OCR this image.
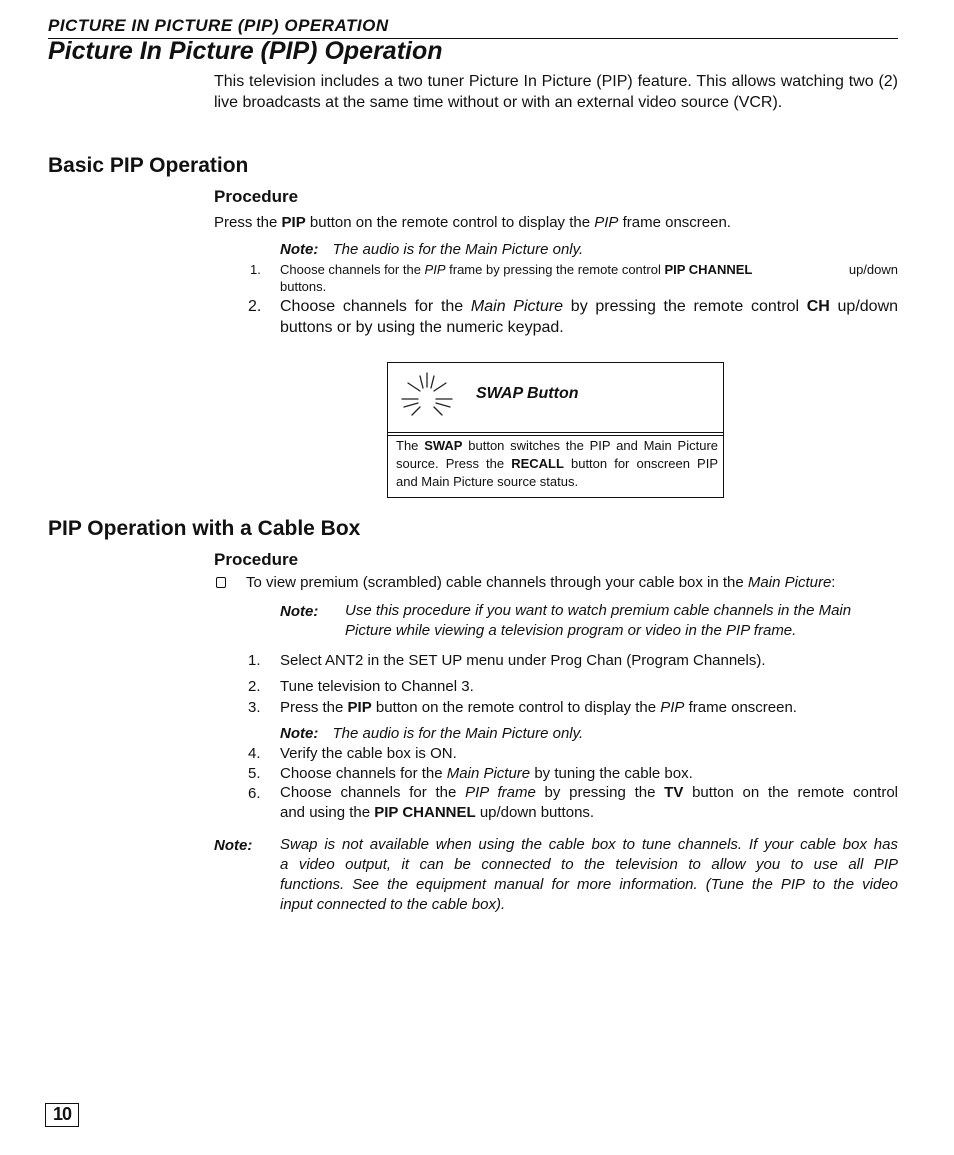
PICTURE IN PICTURE (PIP) OPERATION
Picture In Picture (PIP) Operation
This television includes a two tuner Picture In Picture (PIP) feature. This allows watching two (2) live broadcasts at the same time without or with an external video source (VCR).
Basic PIP Operation
Procedure
Press the PIP button on the remote control to display the PIP frame onscreen.
Note: The audio is for the Main Picture only.
1. Choose channels for the PIP frame by pressing the remote control PIP CHANNEL	up/down
buttons.
2. Choose channels for the Main Picture by pressing the remote control CH up/down
buttons or by using the numeric keypad.
SWAP Button
The SWAP button switches the PIP and Main Picture source. Press the RECALL button for onscreen PIP and Main Picture source status.
PIP Operation with a Cable Box
Procedure
To view premium (scrambled) cable channels through your cable box in the Main Picture:
Note: Use this procedure if you want to watch premium cable channels in the Main
Picture while viewing a television program or video in the PIP frame.
1. Select ANT2 in the SET UP menu under Prog Chan (Program Channels).
2. Tune television to Channel 3.
3. Press the PIP button on the remote control to display the PIP frame onscreen.
Note: The audio is for the Main Picture only.
4. Verify the cable box is ON.
5. Choose channels for the Main Picture by tuning the cable box.
6. Choose channels for the PIP frame by pressing the TV button on the remote control
and using the PIP CHANNEL up/down buttons.
Note: Swap is not available when using the cable box to tune channels. If your cable box has
a video output, it can be connected to the television to allow you to use all PIP
functions. See the equipment manual for more information. (Tune the PIP to the video
input connected to the cable box).
10
